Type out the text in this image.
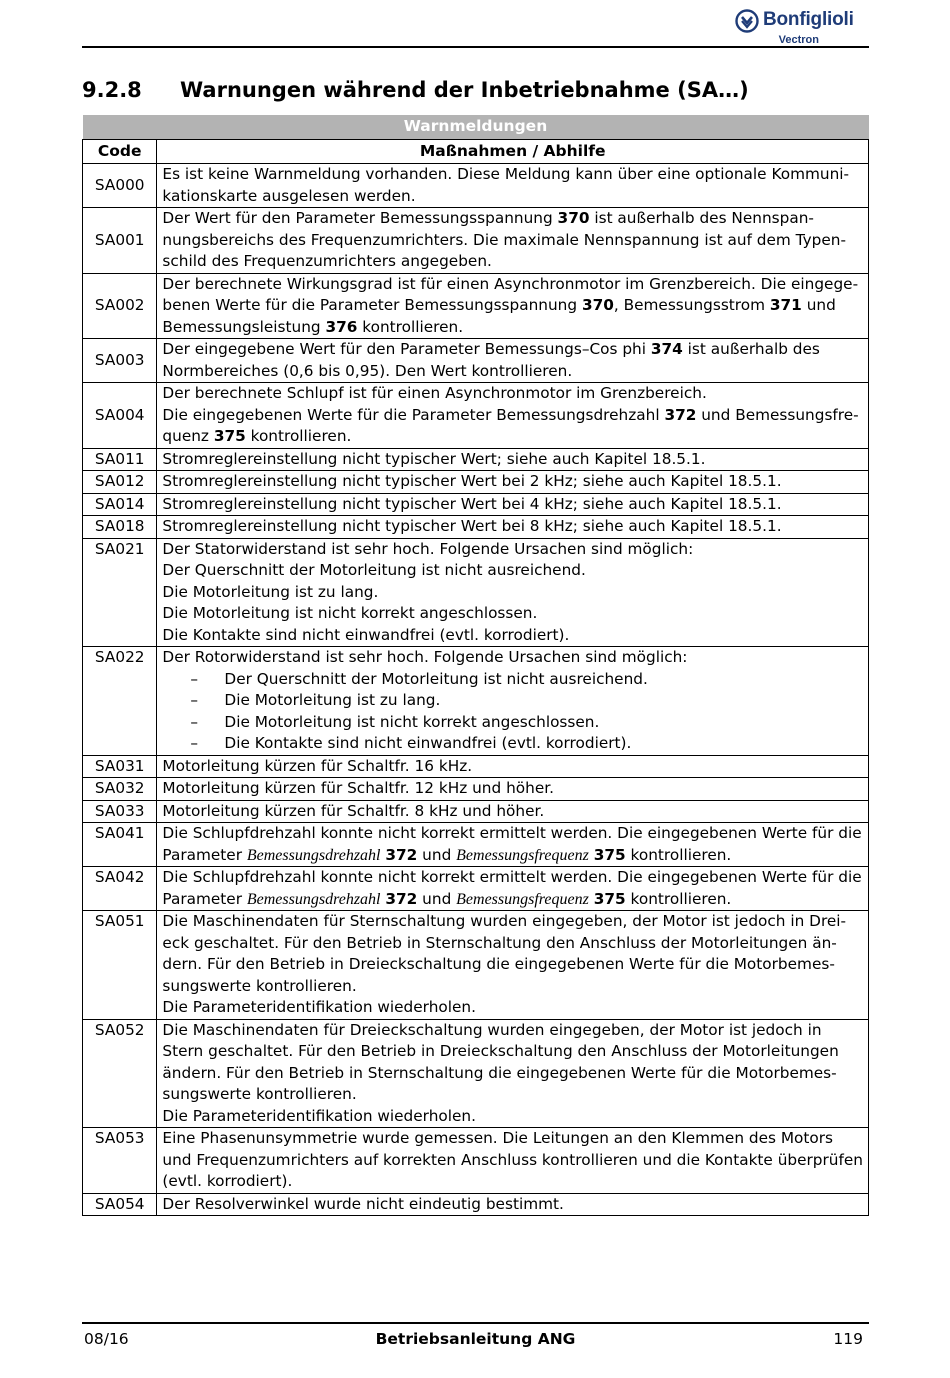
Bonfiglioli
Vectron
9.2.8 Warnungen während der Inbetriebnahme (SA…)
Warnmeldungen	
Code	Maßnahmen / Abhilfe
SA000	Es ist keine Warnmeldung vorhanden. Diese Meldung kann über eine optionale Kommuni-
kationskarte ausgelesen werden.

SA001	Der Wert für den Parameter Bemessungsspannung 370 ist außerhalb des Nennspan-
nungsbereichs des Frequenzumrichters. Die maximale Nennspannung ist auf dem Typen-
schild des Frequenzumrichters angegeben.

SA002	Der berechnete Wirkungsgrad ist für einen Asynchronmotor im Grenzbereich. Die eingege-
benen Werte für die Parameter Bemessungsspannung 370, Bemessungsstrom 371 und
Bemessungsleistung 376 kontrollieren.

SA003	Der eingegebene Wert für den Parameter Bemessungs–Cos phi 374 ist außerhalb des
Normbereiches (0,6 bis 0,95). Den Wert kontrollieren.

SA004	Der berechnete Schlupf ist für einen Asynchronmotor im Grenzbereich.
Die eingegebenen Werte für die Parameter Bemessungsdrehzahl 372 und Bemessungsfre-
quenz 375 kontrollieren.

SA011	Stromreglereinstellung nicht typischer Wert; siehe auch Kapitel 18.5.1.

SA012	Stromreglereinstellung nicht typischer Wert bei 2 kHz; siehe auch Kapitel 18.5.1.

SA014	Stromreglereinstellung nicht typischer Wert bei 4 kHz; siehe auch Kapitel 18.5.1.

SA018	Stromreglereinstellung nicht typischer Wert bei 8 kHz; siehe auch Kapitel 18.5.1.

SA021	Der Statorwiderstand ist sehr hoch. Folgende Ursachen sind möglich:
Der Querschnitt der Motorleitung ist nicht ausreichend.
Die Motorleitung ist zu lang.
Die Motorleitung ist nicht korrekt angeschlossen.
Die Kontakte sind nicht einwandfrei (evtl. korrodiert).

SA022	Der Rotorwiderstand ist sehr hoch. Folgende Ursachen sind möglich:
– Der Querschnitt der Motorleitung ist nicht ausreichend.
– Die Motorleitung ist zu lang.
– Die Motorleitung ist nicht korrekt angeschlossen.
– Die Kontakte sind nicht einwandfrei (evtl. korrodiert).

SA031	Motorleitung kürzen für Schaltfr. 16 kHz.

SA032	Motorleitung kürzen für Schaltfr. 12 kHz und höher.

SA033	Motorleitung kürzen für Schaltfr. 8 kHz und höher.

SA041	Die Schlupfdrehzahl konnte nicht korrekt ermittelt werden. Die eingegebenen Werte für die
Parameter Bemessungsdrehzahl 372 und Bemessungsfrequenz 375 kontrollieren.

SA042	Die Schlupfdrehzahl konnte nicht korrekt ermittelt werden. Die eingegebenen Werte für die
Parameter Bemessungsdrehzahl 372 und Bemessungsfrequenz 375 kontrollieren.

SA051	Die Maschinendaten für Sternschaltung wurden eingegeben, der Motor ist jedoch in Drei-
eck geschaltet. Für den Betrieb in Sternschaltung den Anschluss der Motorleitungen än-
dern. Für den Betrieb in Dreieckschaltung die eingegebenen Werte für die Motorbemes-
sungswerte kontrollieren.
Die Parameteridentifikation wiederholen.

SA052	Die Maschinendaten für Dreieckschaltung wurden eingegeben, der Motor ist jedoch in
Stern geschaltet. Für den Betrieb in Dreieckschaltung den Anschluss der Motorleitungen
ändern. Für den Betrieb in Sternschaltung die eingegebenen Werte für die Motorbemes-
sungswerte kontrollieren.
Die Parameteridentifikation wiederholen.

SA053	Eine Phasenunsymmetrie wurde gemessen. Die Leitungen an den Klemmen des Motors
und Frequenzumrichters auf korrekten Anschluss kontrollieren und die Kontakte überprüfen
(evtl. korrodiert).

SA054	Der Resolverwinkel wurde nicht eindeutig bestimmt.
08/16	Betriebsanleitung ANG	119
